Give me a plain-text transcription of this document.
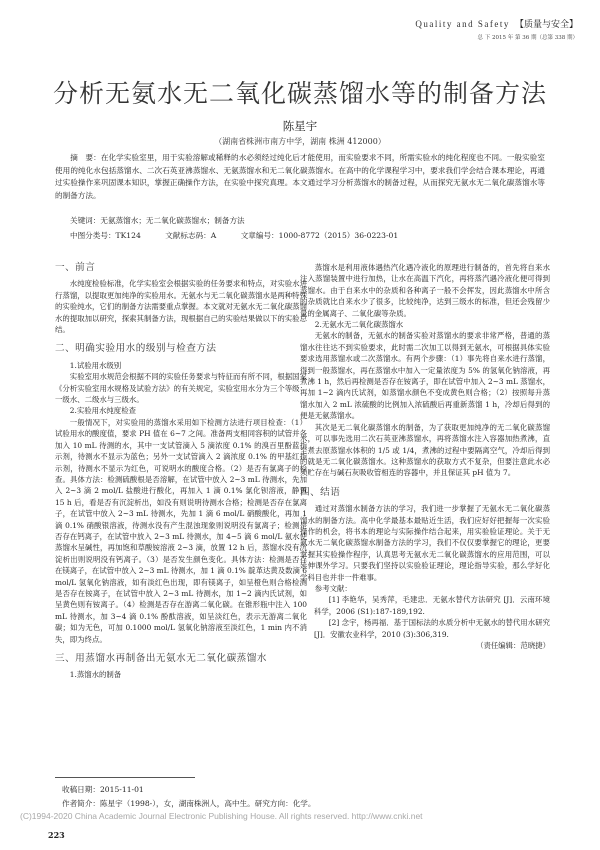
Quality and Safety 【质量与安全】
总 下 2015 年 第 36 期（总第 338 期）
分析无氨水无二氧化碳蒸馏水等的制备方法
陈星宇
（湖南省株洲市南方中学，湖南 株洲 412000）
摘　要：在化学实验室里，用于实验溶解或稀释的水必须经过纯化后才能使用，而实验要求不同，所需实验水的纯化程度也不同。一般实验室使用的纯化水包括蒸馏水、二次石英亚沸蒸馏水、无氨蒸馏水和无二氧化碳蒸馏水。在高中的化学课程学习中，要求我们学会结合课本理论，再通过实验操作来巩固课本知识，掌握正确操作方法，在实验中探究真理。本文通过学习分析蒸馏水的制备过程，从而探究无氨水无二氧化碳蒸馏水等的制备方法。
关键词：无氨蒸馏水；无二氧化碳蒸馏水；制备方法
中图分类号：TK124	文献标志码：A	文章编号：1000-8772（2015）36-0223-01
一、前言

水纯度检验标准，化学实验室会根据实验的任务要求和特点，对实验水进行蒸馏，以提取更加纯净的实验用水。无氨水与无二氧化碳蒸馏水是两种特殊的实验纯水，它们的制备方法需要重点掌握。本文就对无氨水无二氧化碳蒸馏水的提取加以研究，探索其制备方法，现根据自己的实验结果做以下的实验总结。

二、明确实验用水的级别与检查方法

1.试验用水级别

实验室用水规范会根据不同的实验任务要求与特征而有所不同，根据国家《分析实验室用水规格及试验方法》的有关规定，实验室用水分为三个等级：一级水、二级水与三级水。

2.实验用水纯度检查

一般情况下，对实验用的蒸馏水采用如下检测方法进行项目检查：（1）试验用水的酸度值，要求 PH 值在 6~7 之间。准备两支相同容积的试管并各加入 10 mL 待测的水，其中一支试管滴入 5 滴浓度 0.1% 的溴百里酚蓝指示剂，待测水不显示为蓝色；另外一支试管滴入 2 滴浓度 0.1% 的甲基红指示剂，待测水不显示为红色，可说明水的酸度合格。（2）是否有氯离子的检查。具体方法：检测硫酸根是否溶解，在试管中放入 2~3 mL 待测水，先加入 2~3 滴 2 mol/L 盐酸进行酸化，再加入 1 滴 0.1% 氯化钡溶液，静置 15 h 后，看是否有沉淀析出，如没有则说明待测水合格；检测是否存在氯离子，在试管中放入 2~3 mL 待测水，先加 1 滴 6 mol/L 硝酸酸化，再加 1 滴 0.1% 硝酸银溶液，待测水没有产生混浊现象则说明没有氯离子；检测是否存在钙离子，在试管中放入 2~3 mL 待测水，加 4~5 滴 6 mol/L 氨水使蒸馏水呈碱性，再加饱和草酸铵溶液 2~3 滴，放置 12 h 后，蒸馏水没有沉淀析出则说明没有钙离子。（3）是否发生颜色变化。具体方法：检测是否存在镁离子，在试管中放入 2~3 mL 待测水，加 1 滴 0.1% 靛革达黄及数滴 6 mol/L 氢氧化钠溶液，如有淡红色出现，即有镁离子，如呈橙色则合格检测是否存在铵离子，在试管中放入 2~3 mL 待测水，加 1~2 滴内氏试剂，如呈黄色则有铵离子。（4）检测是否存在游离二氧化碳。在锥形瓶中注入 100 mL 待测水，加 3~4 滴 0.1% 酚酞溶液，如呈淡红色，表示无游离二氧化碳；如为无色，可加 0.1000 mol/L 氢氧化钠溶液至淡红色，1 min 内不消失，即为终点。

三、用蒸馏水再制备出无氨水无二氧化碳蒸馏水

1.蒸馏水的制备

蒸馏水是利用液体遇热汽化遇冷液化的原理进行制备的，首先将自来水注入蒸馏装置中进行加热，让水在高温下汽化，再将蒸汽遇冷液化便可得到蒸馏水。由于自来水中的杂质和各种离子一般不会挥发，因此蒸馏水中所含的杂质就比自来水少了很多，比较纯净，达到三级水的标准，但还会残留少量的金属离子、二氧化碳等杂质。

2.无氨水无二氧化碳蒸馏水

无氨水的制备，无氨水的制备实验对蒸馏水的要求非常严格，普通的蒸馏水往往达不到实验要求，此时需二次加工以得到无氨水，可根据具体实验要求选用蒸馏水或二次蒸馏水。有两个步骤：（1）事先将自来水进行蒸馏，得到一般蒸馏水，再在蒸馏水中加入一定量浓度为 5% 的氢氧化钠溶液，再煮沸 1 h，然后再检测是否存在铵离子，即在试管中加入 2~3 mL 蒸馏水，再加 1~2 滴内氏试剂，如蒸馏水颜色不变成黄色则合格；（2）按照每升蒸馏水加入 2 mL 浓硫酸的比例加入浓硫酸后再重新蒸馏 1 h，冷却后得到的便是无氨蒸馏水。

其次是无二氧化碳蒸馏水的制备，为了获取更加纯净的无二氧化碳蒸馏水，可以事先选用二次石英亚沸蒸馏水，再将蒸馏水注入容器加热煮沸，直至煮去原蒸馏水体积的 1/5 或 1/4，煮沸的过程中要隔离空气，冷却后得到的就是无二氧化碳蒸馏水。这种蒸馏水的获取方式不复杂，但要注意此水必须贮存在与碱石灰吸收管相连的容器中，并且保证其 pH 值为 7。

四、结语

通过对蒸馏水制备方法的学习，我们进一步掌握了无氨水无二氧化碳蒸馏水的制备方法。高中化学最基本最贴近生活，我们应好好把握每一次实验操作的机会，将书本的理论与实际操作结合起来，用实验验证理论。关于无氨水无二氧化碳蒸馏水制备方法的学习，我们不仅仅要掌握它的理论，更要掌握其实验操作程序，认真思考无氨水无二氧化碳蒸馏水的应用范围，可以延伸课外学习。只要我们坚持以实验验证理论，理论指导实验，那么学好化学科目也并非一件难事。

参考文献：

[1] 李艳华，吴秀萍，毛建忠．无氨水替代方法研究 [J]．云南环境科学，2006 (S1):187-189,192.

[2] 念宇，杨再福．基于国标法的水质分析中无氨水的替代用水研究 [J]．安徽农业科学，2010 (3):306,319.

（责任编辑：范晓捷）

收稿日期：2015-11-01
作者简介：陈星宇（1998-），女，湖南株洲人，高中生。研究方向：化学。
(C)1994-2020 China Academic Journal Electronic Publishing House. All rights reserved. http://www.cnki.net
223
